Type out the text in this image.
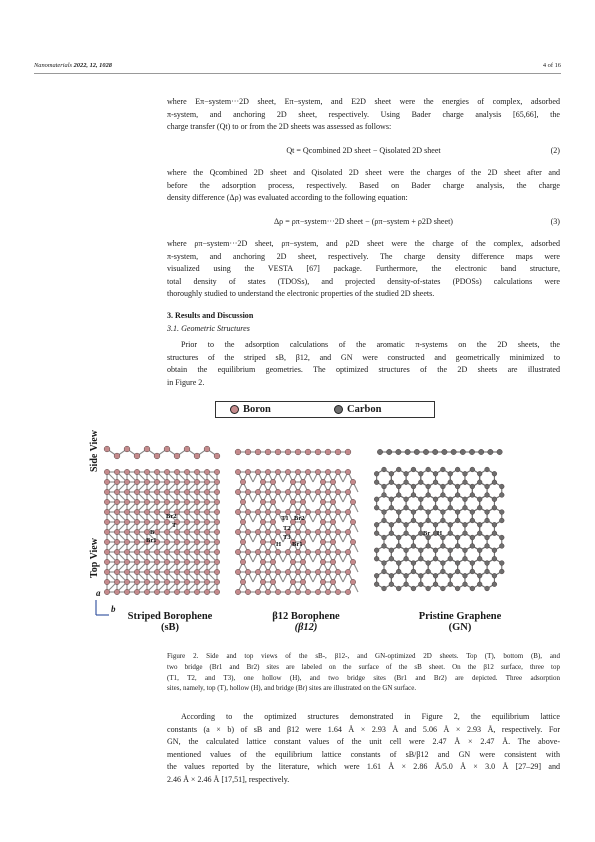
Nanomaterials 2022, 12, 1028	4 of 16
where Eπ−system···2D sheet, Eπ−system, and E2D sheet were the energies of complex, adsorbed
π-system, and anchoring 2D sheet, respectively. Using Bader charge analysis [65,66], the
charge transfer (Qt) to or from the 2D sheets was assessed as follows:
Qt = Qcombined 2D sheet − Qisolated 2D sheet	(2)
where the Qcombined 2D sheet and Qisolated 2D sheet were the charges of the 2D sheet after and
before the adsorption process, respectively. Based on Bader charge analysis, the charge
density difference (Δρ) was evaluated according to the following equation:
Δρ = ρπ−system···2D sheet − (ρπ−system + ρ2D sheet)	(3)
where ρπ−system···2D sheet, ρπ−system, and ρ2D sheet were the charge of the complex, adsorbed
π-system, and anchoring 2D sheet, respectively. The charge density difference maps were
visualized using the VESTA [67] package. Furthermore, the electronic band structure,
total density of states (TDOSs), and projected density-of-states (PDOSs) calculations were
thoroughly studied to understand the electronic properties of the studied 2D sheets.
3. Results and Discussion
3.1. Geometric Structures
Prior to the adsorption calculations of the aromatic π-systems on the 2D sheets, the
structures of the striped sB, β12, and GN were constructed and geometrically minimized to
obtain the equilibrium geometries. The optimized structures of the 2D sheets are illustrated
in Figure 2.
Boron	Carbon
Side View
Top View
Br2
T
B
Br1
T1 Br2
T2
H Br1
T3
Br H
a
b
Striped Borophene
(sB)
β12 Borophene
(β12)
Pristine Graphene
(GN)
Figure 2. Side and top views of the sB-, β12-, and GN-optimized 2D sheets. Top (T), bottom (B), and
two bridge (Br1 and Br2) sites are labeled on the surface of the sB sheet. On the β12 surface, three top
(T1, T2, and T3), one hollow (H), and two bridge sites (Br1 and Br2) are depicted. Three adsorption
sites, namely, top (T), hollow (H), and bridge (Br) sites are illustrated on the GN surface.
According to the optimized structures demonstrated in Figure 2, the equilibrium lattice
constants (a × b) of sB and β12 were 1.64 Å × 2.93 Å and 5.06 Å × 2.93 Å, respectively. For
GN, the calculated lattice constant values of the unit cell were 2.47 Å × 2.47 Å. The above-
mentioned values of the equilibrium lattice constants of sB/β12 and GN were consistent with
the values reported by the literature, which were 1.61 Å × 2.86 Å/5.0 Å × 3.0 Å [27–29] and
2.46 Å × 2.46 Å [17,51], respectively.
